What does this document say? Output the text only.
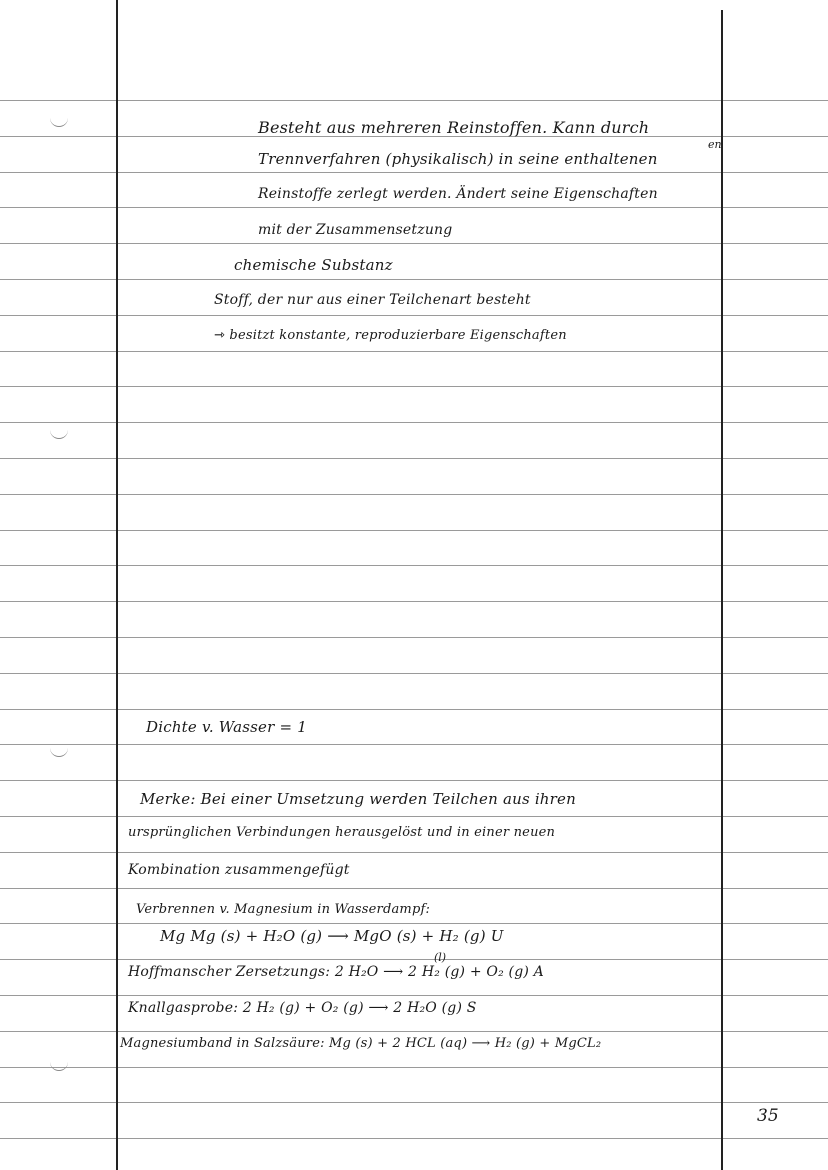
Besteht aus mehreren Reinstoffen. Kann durch
Trennverfahren (physikalisch) in seine enthaltenen
en
Reinstoffe zerlegt werden. Ändert seine Eigenschaften
mit der Zusammensetzung
chemische Substanz
Stoff, der nur aus einer Teilchenart besteht
⇾ besitzt konstante, reproduzierbare Eigenschaften
Dichte v. Wasser = 1
Merke: Bei einer Umsetzung werden Teilchen aus ihren
ursprünglichen Verbindungen herausgelöst und in einer neuen
Kombination zusammengefügt
Verbrennen v. Magnesium in Wasserdampf:
Mg Mg (s) + H₂O (g) ⟶ MgO (s) + H₂ (g) U
(l)
Hoffmanscher Zersetzungs: 2 H₂O ⟶ 2 H₂ (g) + O₂ (g) A
Knallgasprobe: 2 H₂ (g) + O₂ (g) ⟶ 2 H₂O (g) S
Magnesiumband in Salzsäure: Mg (s) + 2 HCL (aq) ⟶ H₂ (g) + MgCL₂
35
